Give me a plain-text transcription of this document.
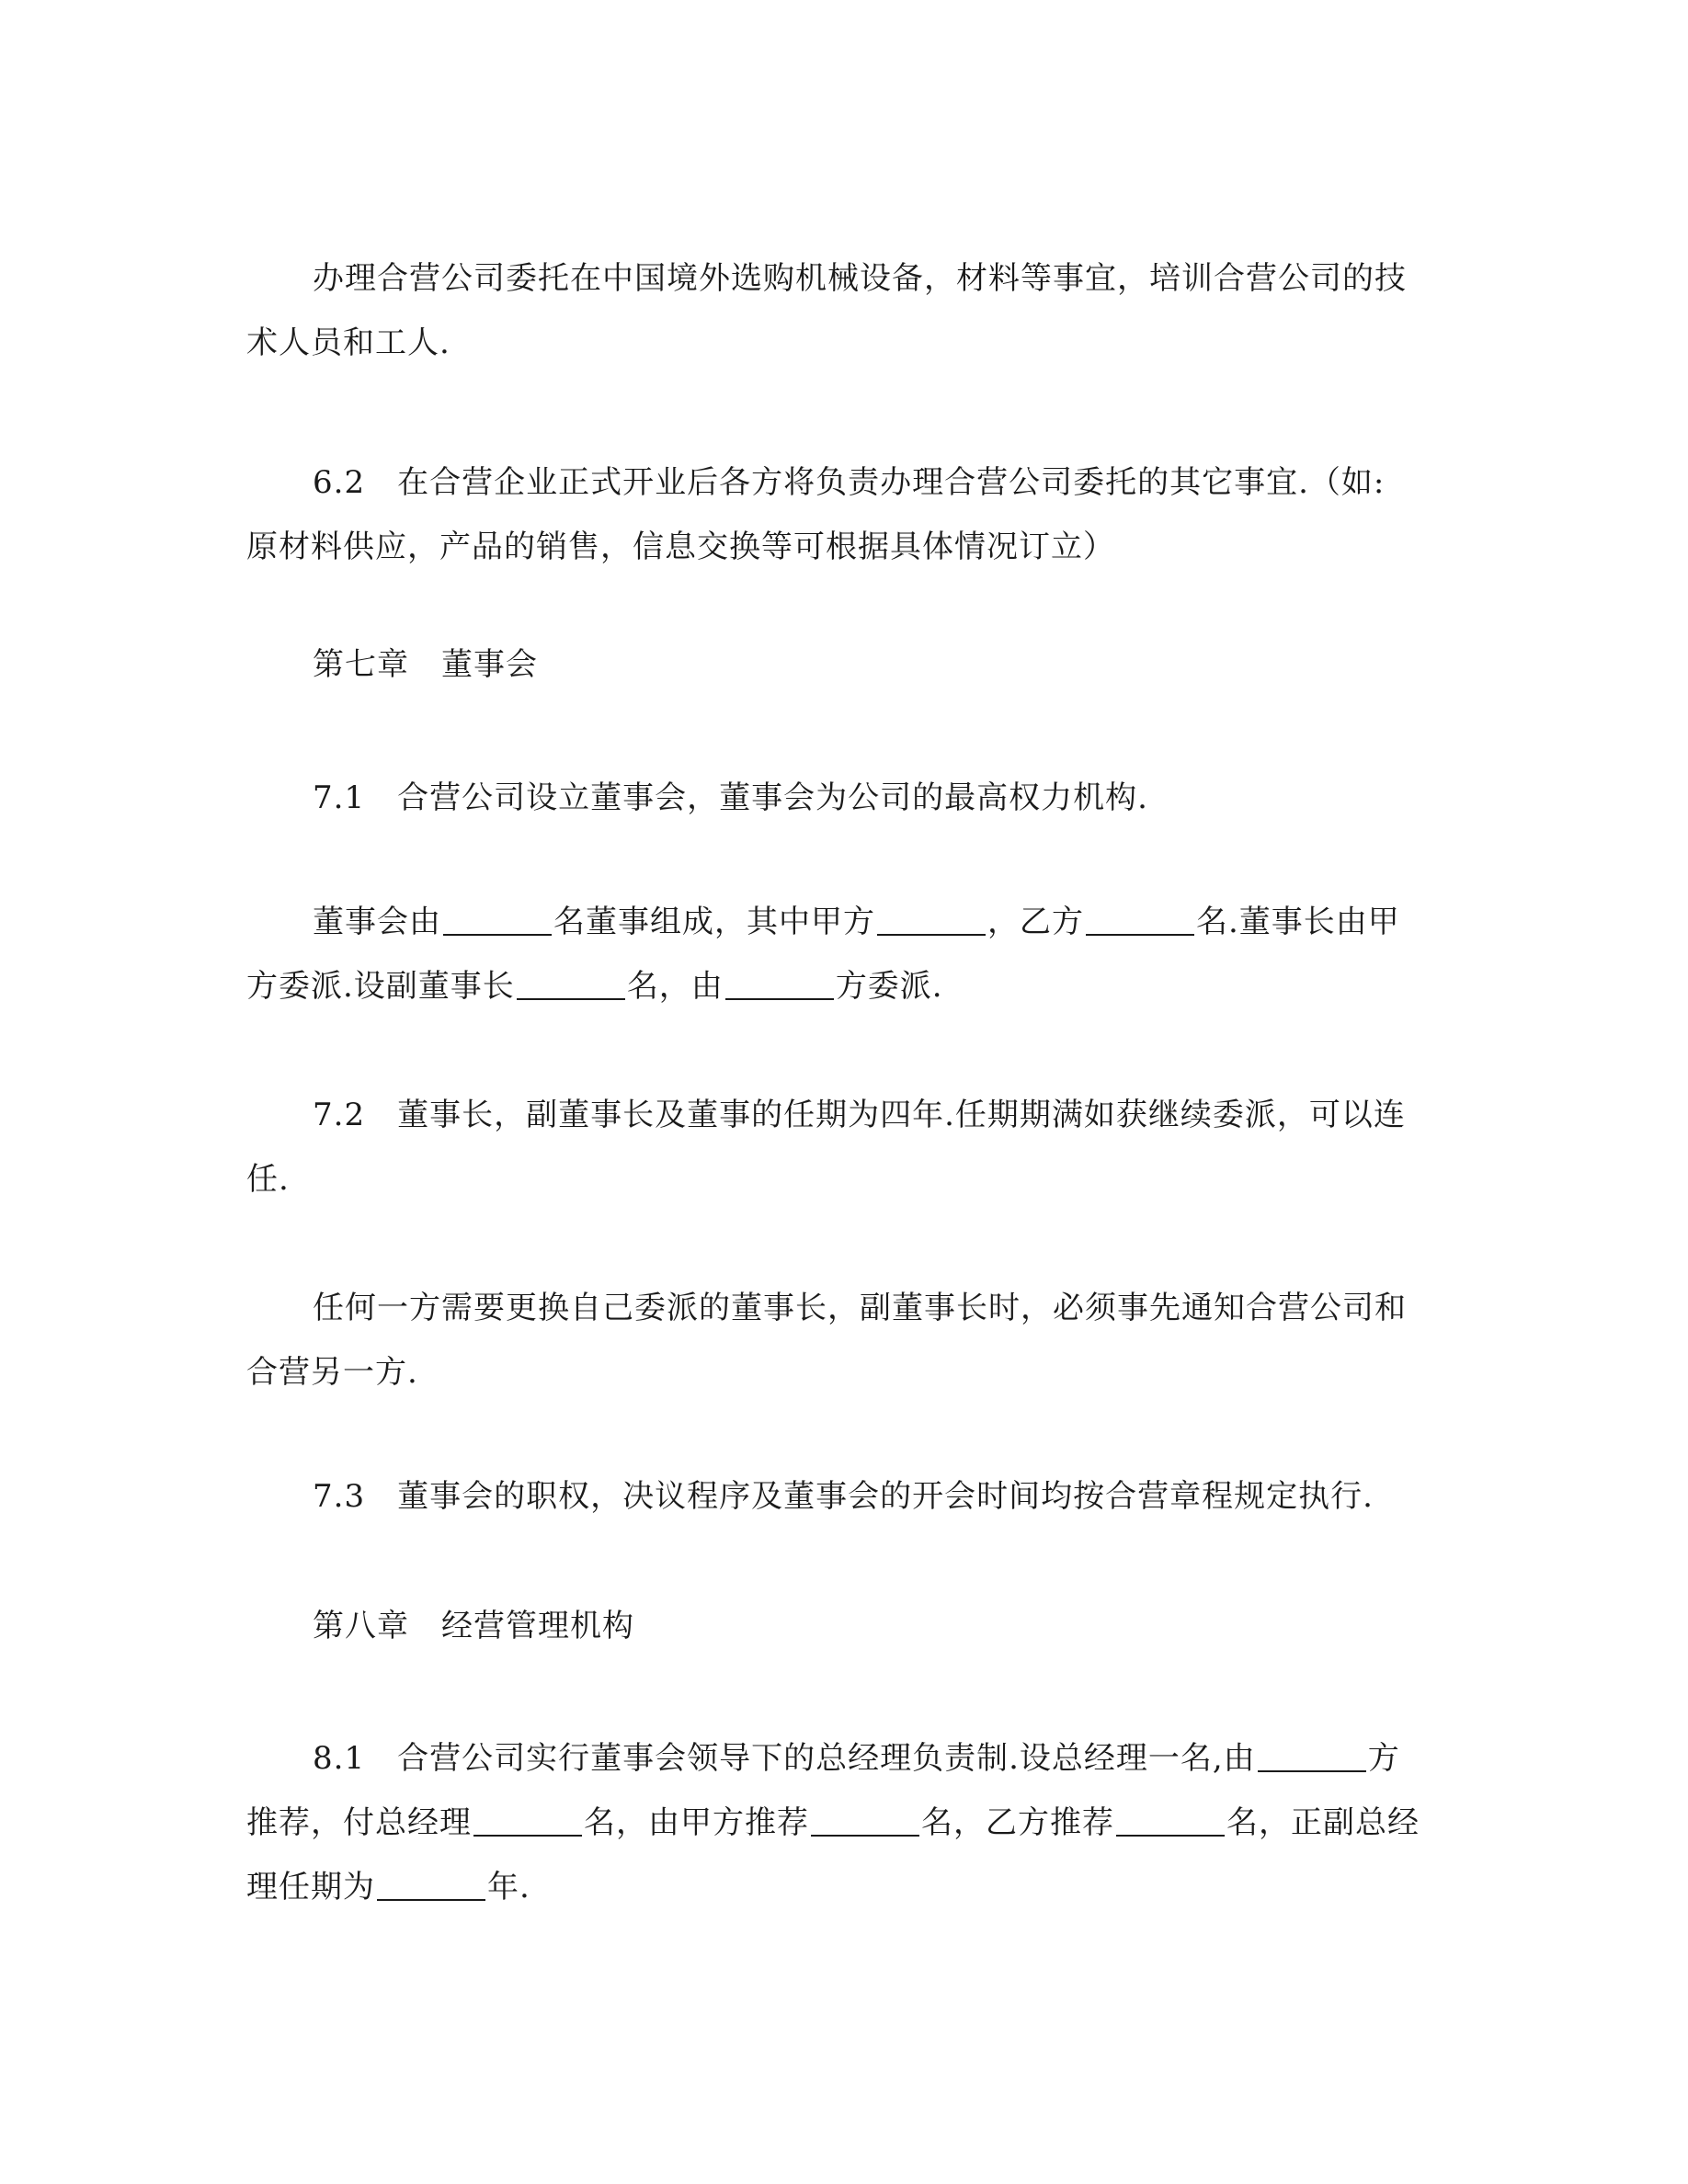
办理合营公司委托在中国境外选购机械设备，材料等事宜，培训合营公司的技
术人员和工人.
6.2　在合营企业正式开业后各方将负责办理合营公司委托的其它事宜.（如:
原材料供应，产品的销售，信息交换等可根据具体情况订立）
第七章　董事会
7.1　合营公司设立董事会，董事会为公司的最高权力机构.
董事会由	名董事组成，其中甲方	，乙方	名.董事长由甲
方委派.设副董事长	名，由	方委派.
7.2　董事长，副董事长及董事的任期为四年.任期期满如获继续委派，可以连
任.
任何一方需要更换自己委派的董事长，副董事长时，必须事先通知合营公司和
合营另一方.
7.3　董事会的职权，决议程序及董事会的开会时间均按合营章程规定执行.
第八章　经营管理机构
8.1　合营公司实行董事会领导下的总经理负责制.设总经理一名,由	方
推荐，付总经理	名，由甲方推荐	名，乙方推荐	名，正副总经
理任期为	年.
